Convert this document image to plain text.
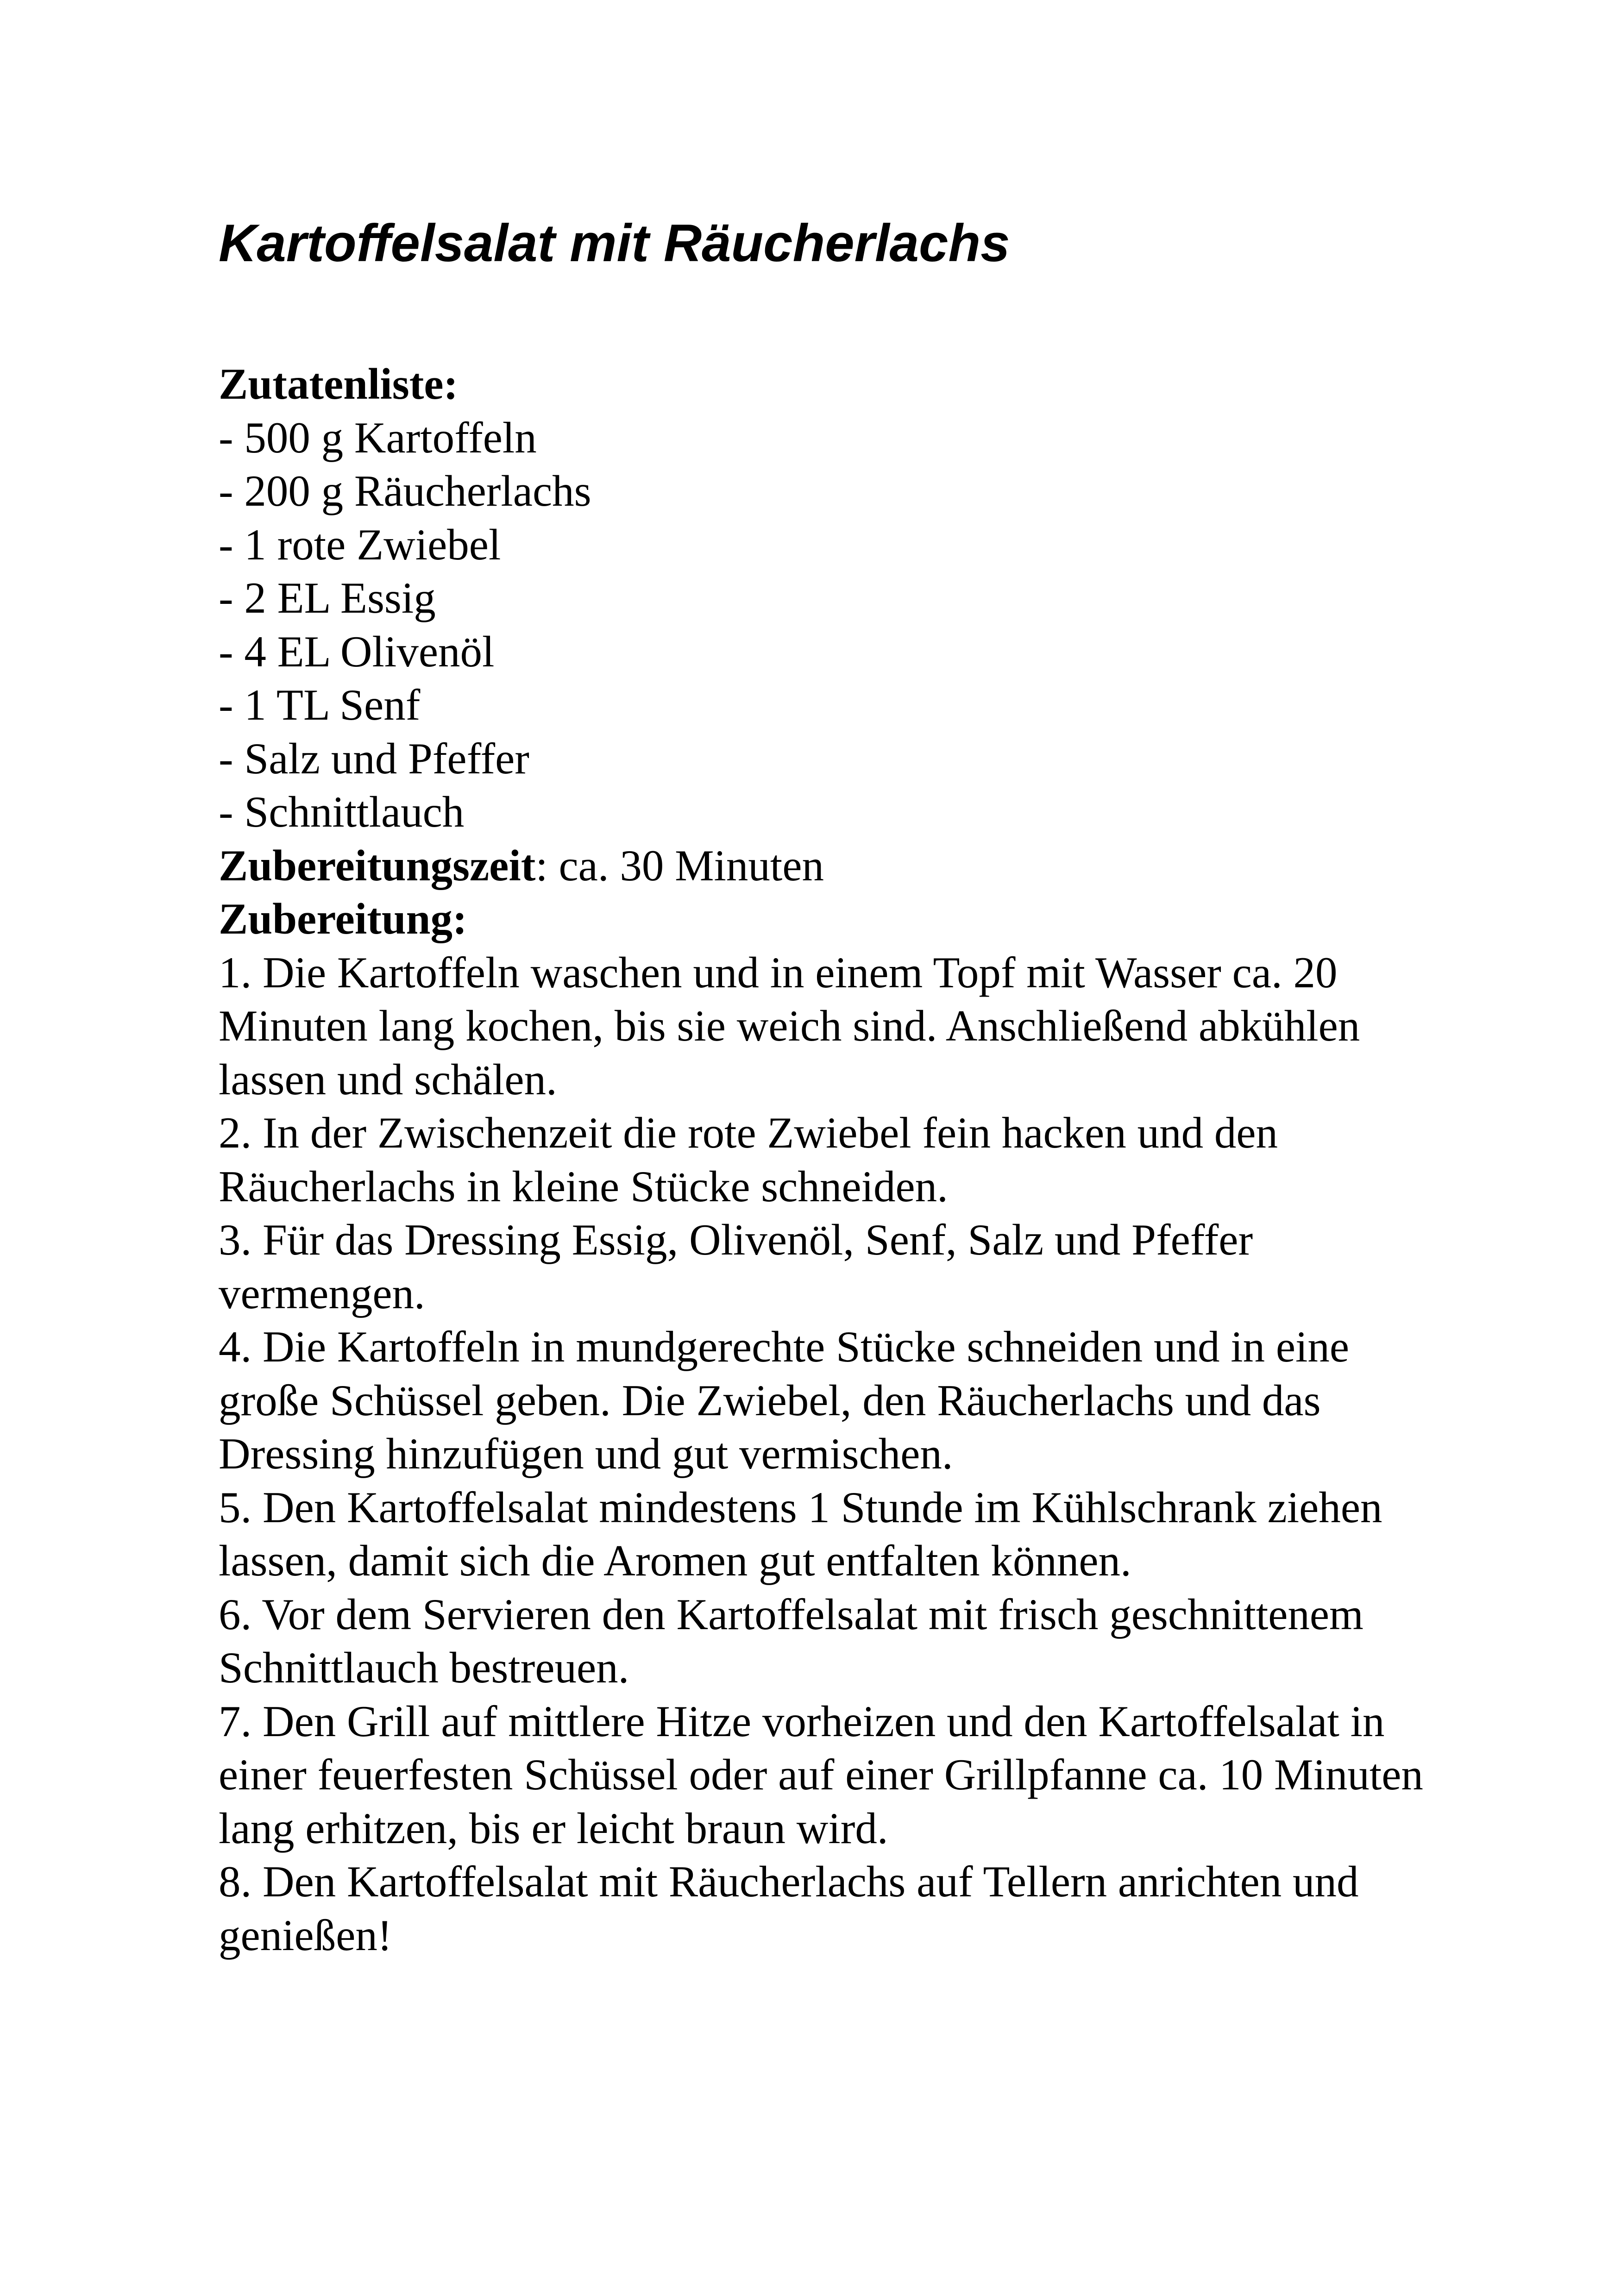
Kartoffelsalat mit Räucherlachs
Zutatenliste:
- 500 g Kartoffeln
- 200 g Räucherlachs
- 1 rote Zwiebel
- 2 EL Essig
- 4 EL Olivenöl
- 1 TL Senf
- Salz und Pfeffer
- Schnittlauch
Zubereitungszeit: ca. 30 Minuten
Zubereitung:
1. Die Kartoffeln waschen und in einem Topf mit Wasser ca. 20 Minuten lang kochen, bis sie weich sind. Anschließend abkühlen lassen und schälen.
2. In der Zwischenzeit die rote Zwiebel fein hacken und den Räucherlachs in kleine Stücke schneiden.
3. Für das Dressing Essig, Olivenöl, Senf, Salz und Pfeffer vermengen.
4. Die Kartoffeln in mundgerechte Stücke schneiden und in eine große Schüssel geben. Die Zwiebel, den Räucherlachs und das Dressing hinzufügen und gut vermischen.
5. Den Kartoffelsalat mindestens 1 Stunde im Kühlschrank ziehen lassen, damit sich die Aromen gut entfalten können.
6. Vor dem Servieren den Kartoffelsalat mit frisch geschnittenem Schnittlauch bestreuen.
7. Den Grill auf mittlere Hitze vorheizen und den Kartoffelsalat in einer feuerfesten Schüssel oder auf einer Grillpfanne ca. 10 Minuten lang erhitzen, bis er leicht braun wird.
8. Den Kartoffelsalat mit Räucherlachs auf Tellern anrichten und genießen!
